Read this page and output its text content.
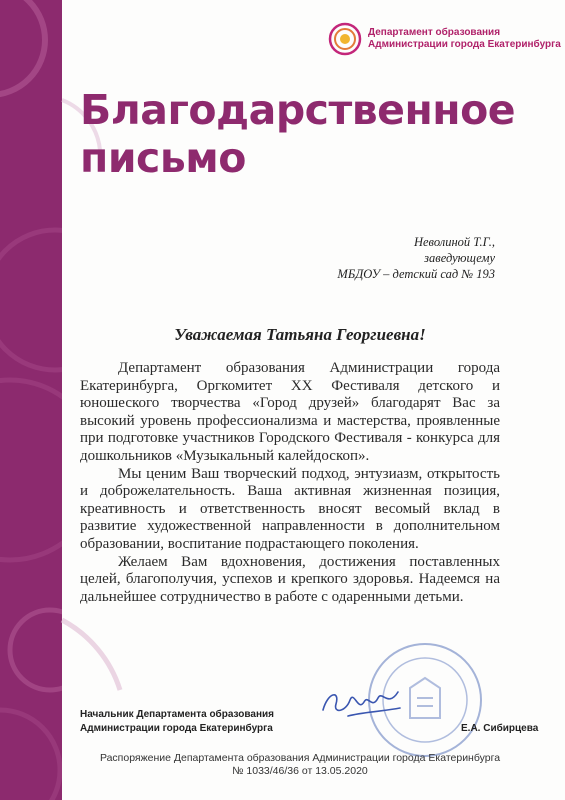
Департамент образования
Администрации города Екатеринбурга
Благодарственное
письмо
Неволиной Т.Г.,
заведующему
МБДОУ – детский сад № 193
Уважаемая Татьяна Георгиевна!

Департамент образования Администрации города Екатеринбурга, Оргкомитет XX Фестиваля детского и юношеского творчества «Город друзей» благодарят Вас за высокий уровень профессионализма и мастерства, проявленные при подготовке участников Городского Фестиваля - конкурса для дошкольников «Музыкальный калейдоскоп».

Мы ценим Ваш творческий подход, энтузиазм, открытость и доброжелательность. Ваша активная жизненная позиция, креативность и ответственность вносят весомый вклад в развитие художественной направленности в дополнительном образовании, воспитание подрастающего поколения.

Желаем Вам вдохновения, достижения поставленных целей, благополучия, успехов и крепкого здоровья. Надеемся на дальнейшее сотрудничество в работе с одаренными детьми.

Начальник Департамента образования
Администрации города Екатеринбурга	Е.А. Сибирцева
Распоряжение Департамента образования Администрации города Екатеринбурга
№ 1033/46/36 от 13.05.2020
